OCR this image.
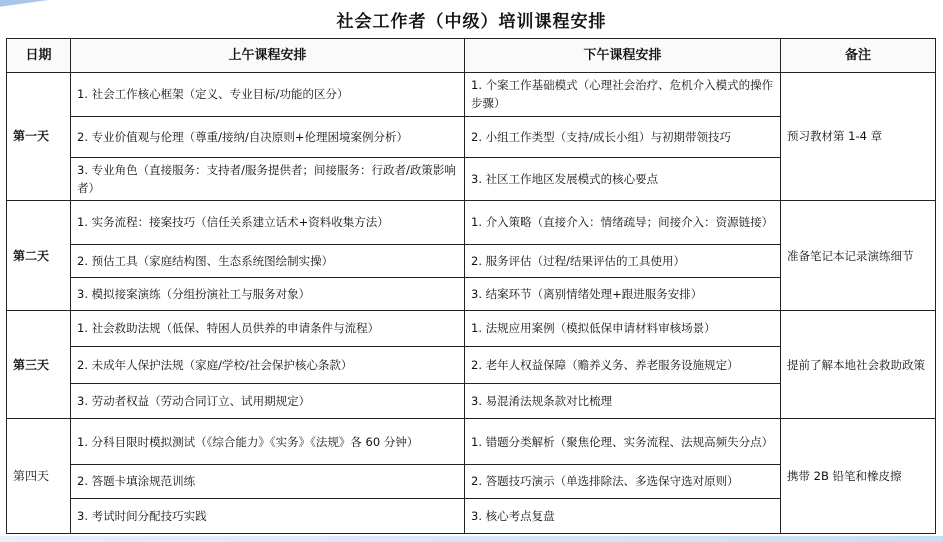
社会工作者（中级）培训课程安排
日期	上午课程安排	下午课程安排	备注
第一天	1. 社会工作核心框架（定义、专业目标/功能的区分）	1. 个案工作基础模式（心理社会治疗、危机介入模式的操作步骤）	预习教材第 1-4 章
	2. 专业价值观与伦理（尊重/接纳/自决原则+伦理困境案例分析）	2. 小组工作类型（支持/成长小组）与初期带领技巧	
	3. 专业角色（直接服务：支持者/服务提供者；间接服务：行政者/政策影响者）	3. 社区工作地区发展模式的核心要点	
第二天	1. 实务流程：接案技巧（信任关系建立话术+资料收集方法）	1. 介入策略（直接介入：情绪疏导；间接介入：资源链接）	准备笔记本记录演练细节
	2. 预估工具（家庭结构图、生态系统图绘制实操）	2. 服务评估（过程/结果评估的工具使用）	
	3. 模拟接案演练（分组扮演社工与服务对象）	3. 结案环节（离别情绪处理+跟进服务安排）	
第三天	1. 社会救助法规（低保、特困人员供养的申请条件与流程）	1. 法规应用案例（模拟低保申请材料审核场景）	提前了解本地社会救助政策
	2. 未成年人保护法规（家庭/学校/社会保护核心条款）	2. 老年人权益保障（赡养义务、养老服务设施规定）	
	3. 劳动者权益（劳动合同订立、试用期规定）	3. 易混淆法规条款对比梳理	
第四天	1. 分科目限时模拟测试（《综合能力》《实务》《法规》各 60 分钟）	1. 错题分类解析（聚焦伦理、实务流程、法规高频失分点）	携带 2B 铅笔和橡皮擦
	2. 答题卡填涂规范训练	2. 答题技巧演示（单选排除法、多选保守选对原则）	
	3. 考试时间分配技巧实践	3. 核心考点复盘	
